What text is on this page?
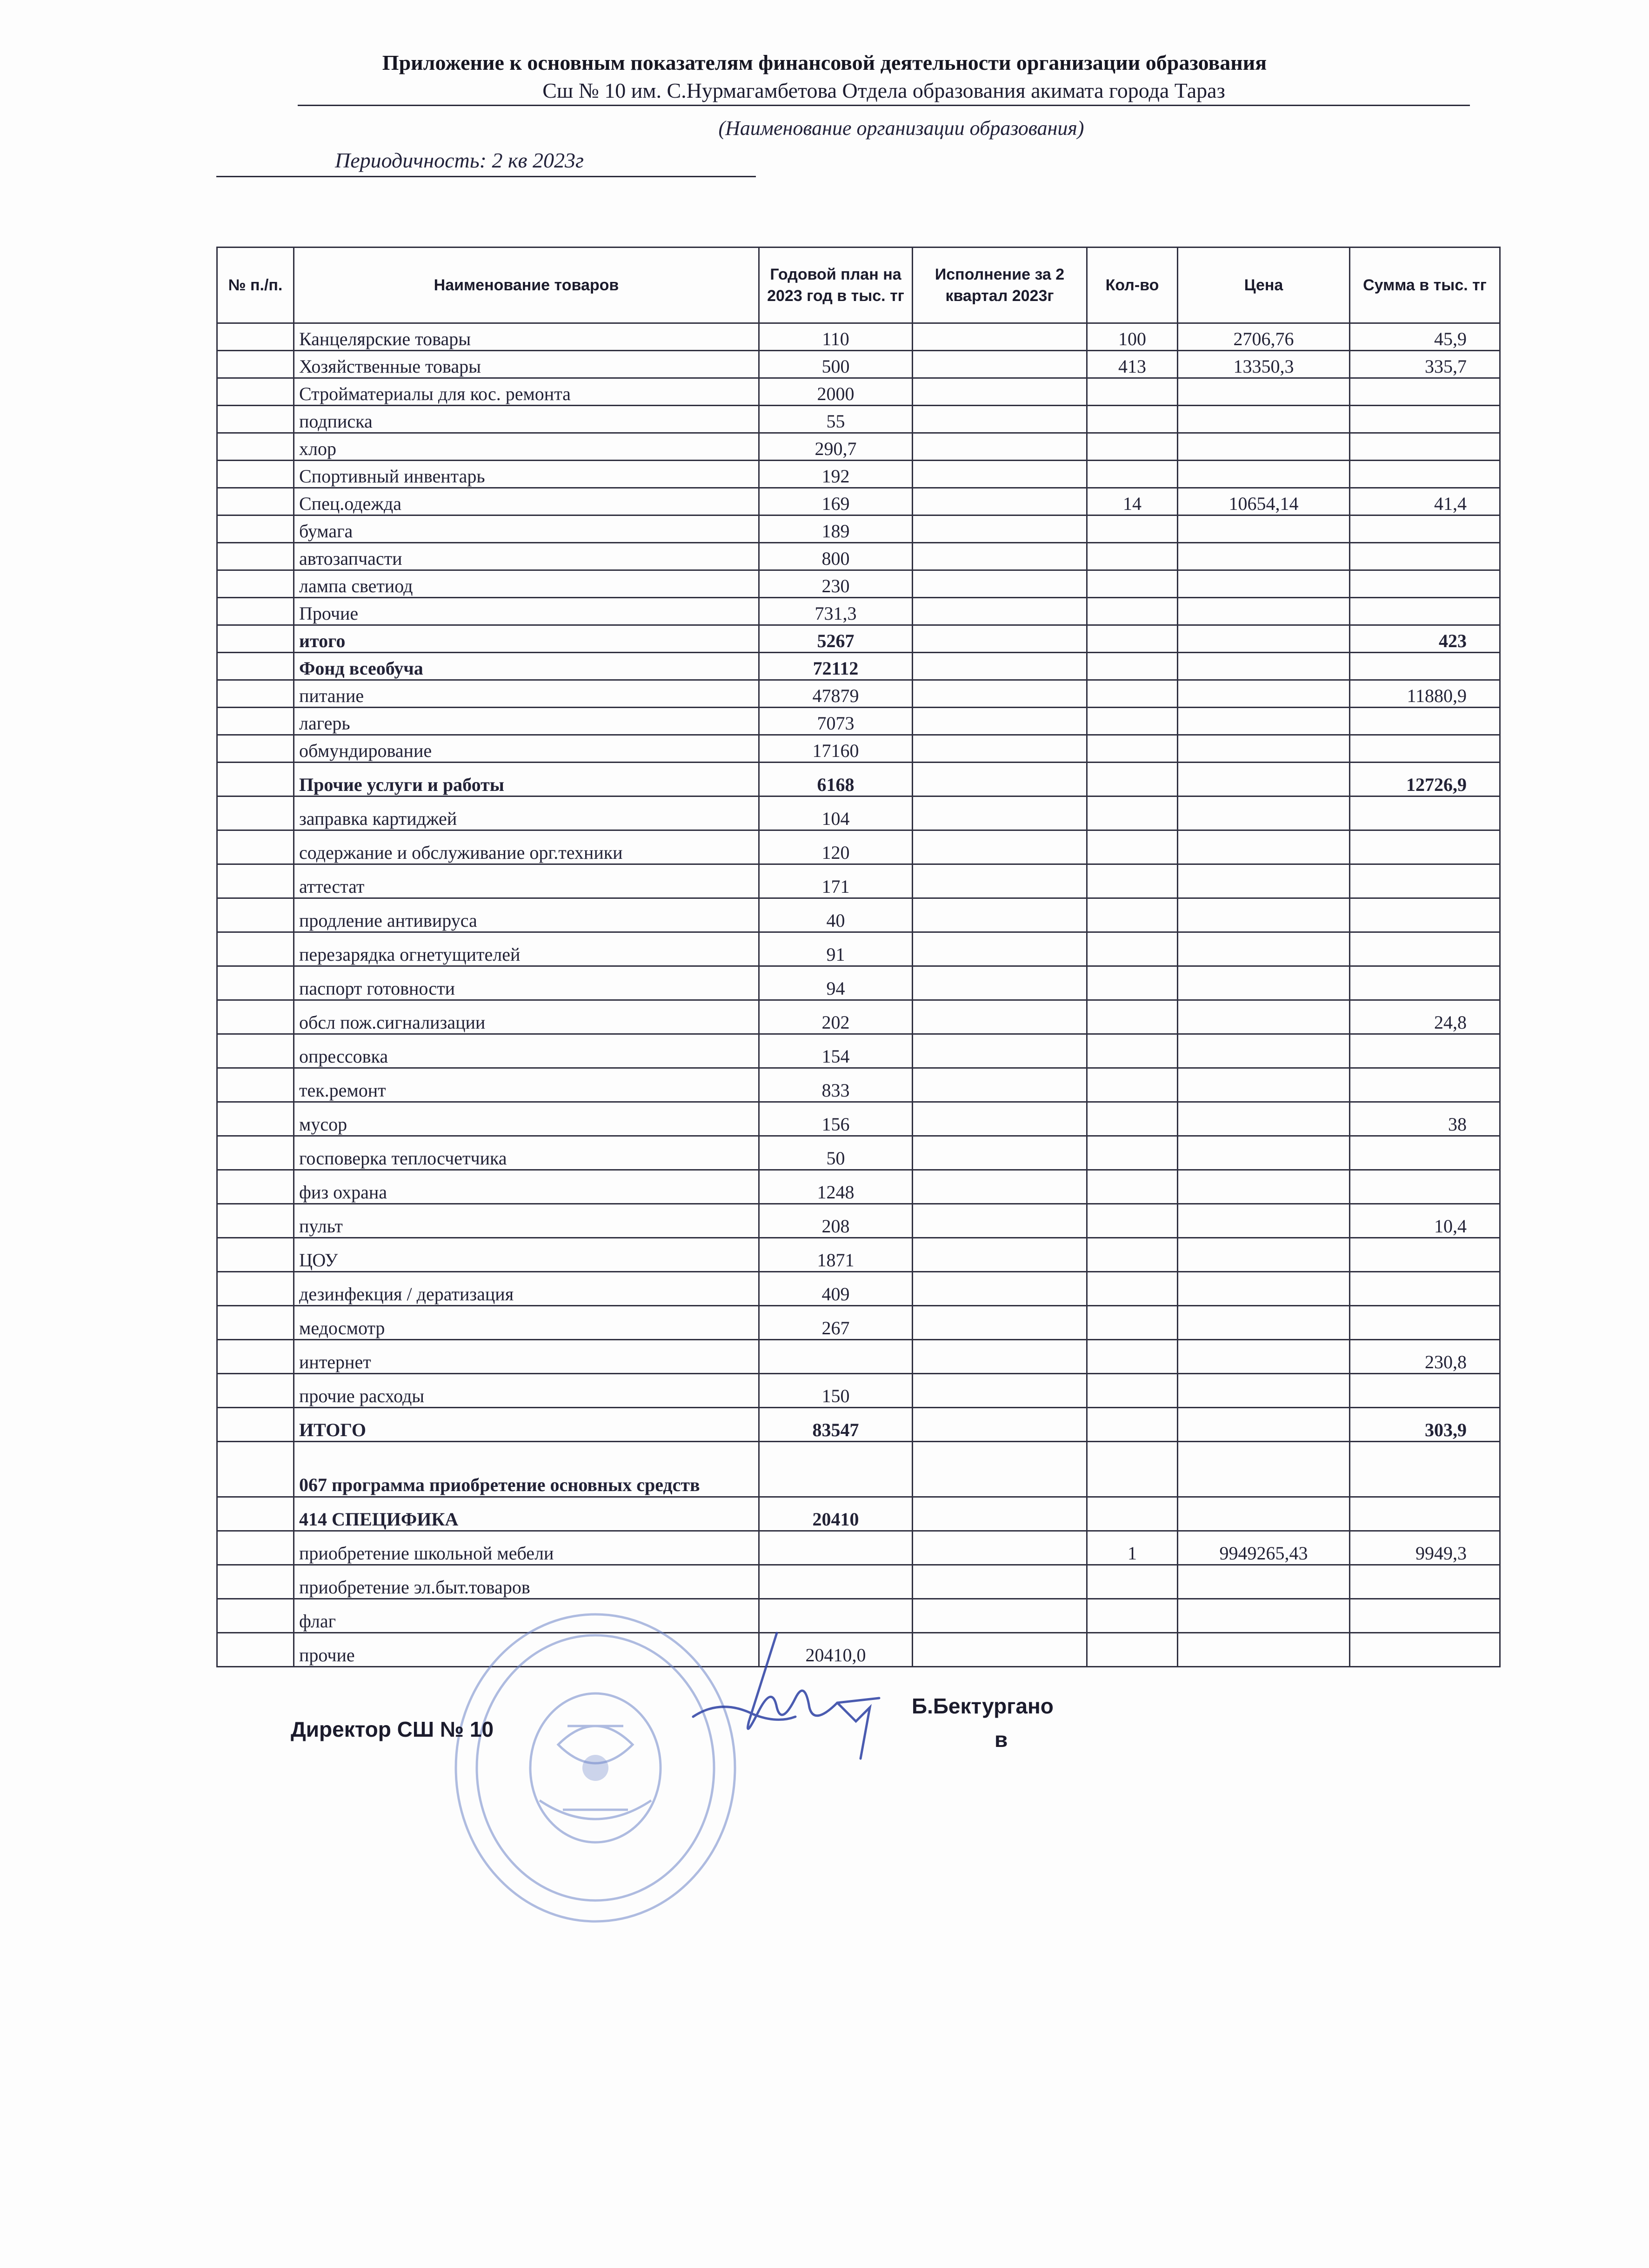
Приложение к основным показателям финансовой деятельности организации образования
Сш № 10 им. С.Нурмагамбетова Отдела образования акимата города Тараз
(Наименование организации образования)
Периодичность: 2 кв 2023г
№ п./п.	Наименование товаров	Годовой план на 2023 год в тыс. тг	Исполнение за 2 квартал 2023г	Кол-во	Цена	Сумма в тыс. тг
	Канцелярские товары	110		100	2706,76	45,9
	Хозяйственные товары	500		413	13350,3	335,7
	Стройматериалы для кос. ремонта	2000				
	подписка	55				
	хлор	290,7				
	Спортивный инвентарь	192				
	Спец.одежда	169		14	10654,14	41,4
	бумага	189				
	автозапчасти	800				
	лампа светиод	230				
	Прочие	731,3				
	итого	5267				423
	Фонд всеобуча	72112				
	питание	47879				11880,9
	лагерь	7073				
	обмундирование	17160				
	Прочие услуги и работы	6168				12726,9
	заправка картиджей	104				
	содержание и обслуживание орг.техники	120				
	аттестат	171				
	продление антивируса	40				
	перезарядка огнетущителей	91				
	паспорт готовности	94				
	обсл пож.сигнализации	202				24,8
	опрессовка	154				
	тек.ремонт	833				
	мусор	156				38
	госповерка теплосчетчика	50				
	физ охрана	1248				
	пульт	208				10,4
	ЦОУ	1871				
	дезинфекция / дератизация	409				
	медосмотр	267				
	интернет					230,8
	прочие расходы	150				
	ИТОГО	83547				303,9
	067 программа приобретение основных средств					
	414 СПЕЦИФИКА	20410				
	приобретение школьной мебели			1	9949265,43	9949,3
	приобретение эл.быт.товаров					
	флаг					
	прочие	20410,0				
Директор СШ № 10
Б.Бектургано
в
